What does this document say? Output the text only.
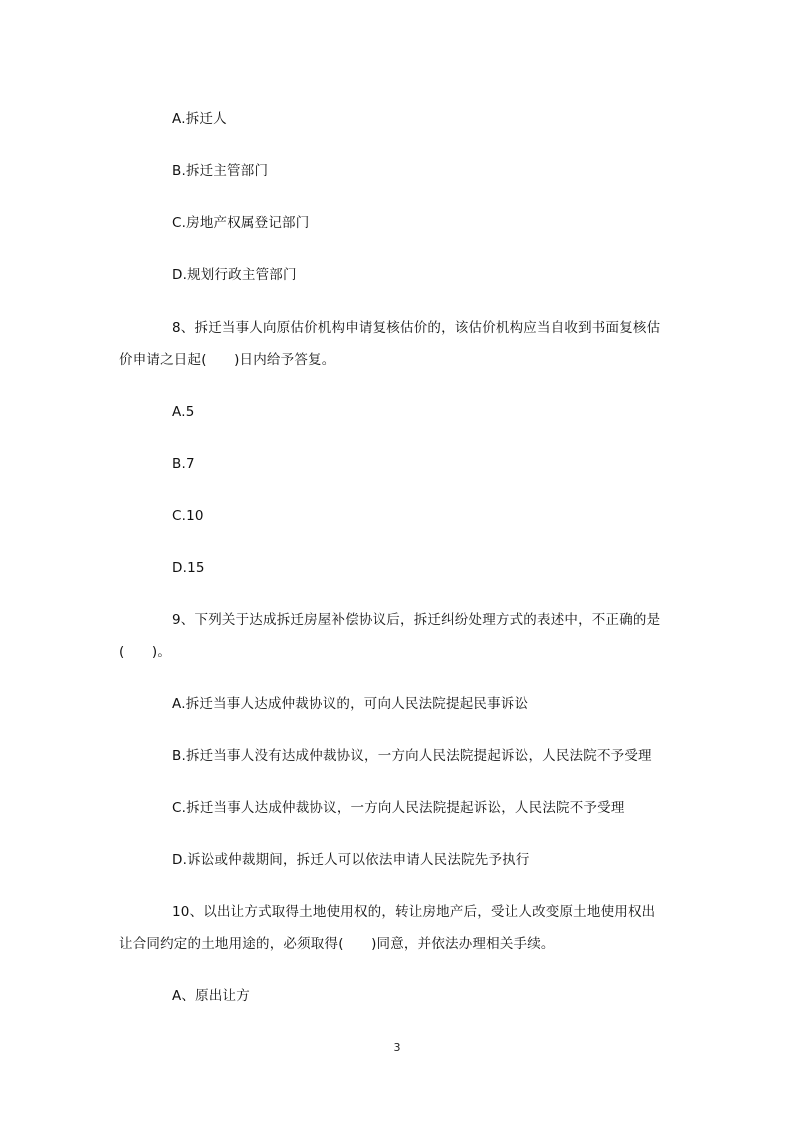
A.拆迁人
B.拆迁主管部门
C.房地产权属登记部门
D.规划行政主管部门
8、拆迁当事人向原估价机构申请复核估价的，该估价机构应当自收到书面复核估
价申请之日起(　　)日内给予答复。
A.5
B.7
C.10
D.15
9、下列关于达成拆迁房屋补偿协议后，拆迁纠纷处理方式的表述中，不正确的是
(　　)。
A.拆迁当事人达成仲裁协议的，可向人民法院提起民事诉讼
B.拆迁当事人没有达成仲裁协议，一方向人民法院提起诉讼，人民法院不予受理
C.拆迁当事人达成仲裁协议，一方向人民法院提起诉讼，人民法院不予受理
D.诉讼或仲裁期间，拆迁人可以依法申请人民法院先予执行
10、以出让方式取得土地使用权的，转让房地产后，受让人改变原土地使用权出
让合同约定的土地用途的，必须取得(　　)同意，并依法办理相关手续。
A、原出让方
3
